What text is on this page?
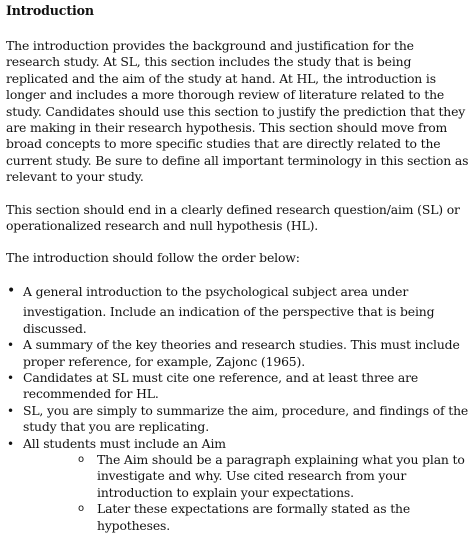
Introduction

The introduction provides the background and justification for the research study. At SL, this section includes the study that is being replicated and the aim of the study at hand. At HL, the introduction is longer and includes a more thorough review of literature related to the study. Candidates should use this section to justify the prediction that they are making in their research hypothesis. This section should move from broad concepts to more specific studies that are directly related to the current study. Be sure to define all important terminology in this section as relevant to your study.

This section should end in a clearly defined research question/aim (SL) or operationalized research and null hypothesis (HL).

The introduction should follow the order below:

• A general introduction to the psychological subject area under
investigation. Include an indication of the perspective that is being discussed.
• A summary of the key theories and research studies. This must include proper reference, for example, Zajonc (1965).
• Candidates at SL must cite one reference, and at least three are recommended for HL.
• SL, you are simply to summarize the aim, procedure, and findings of the study that you are replicating.
• All students must include an Aim
o The Aim should be a paragraph explaining what you plan to investigate and why. Use cited research from your introduction to explain your expectations.
o Later these expectations are formally stated as the hypotheses.
